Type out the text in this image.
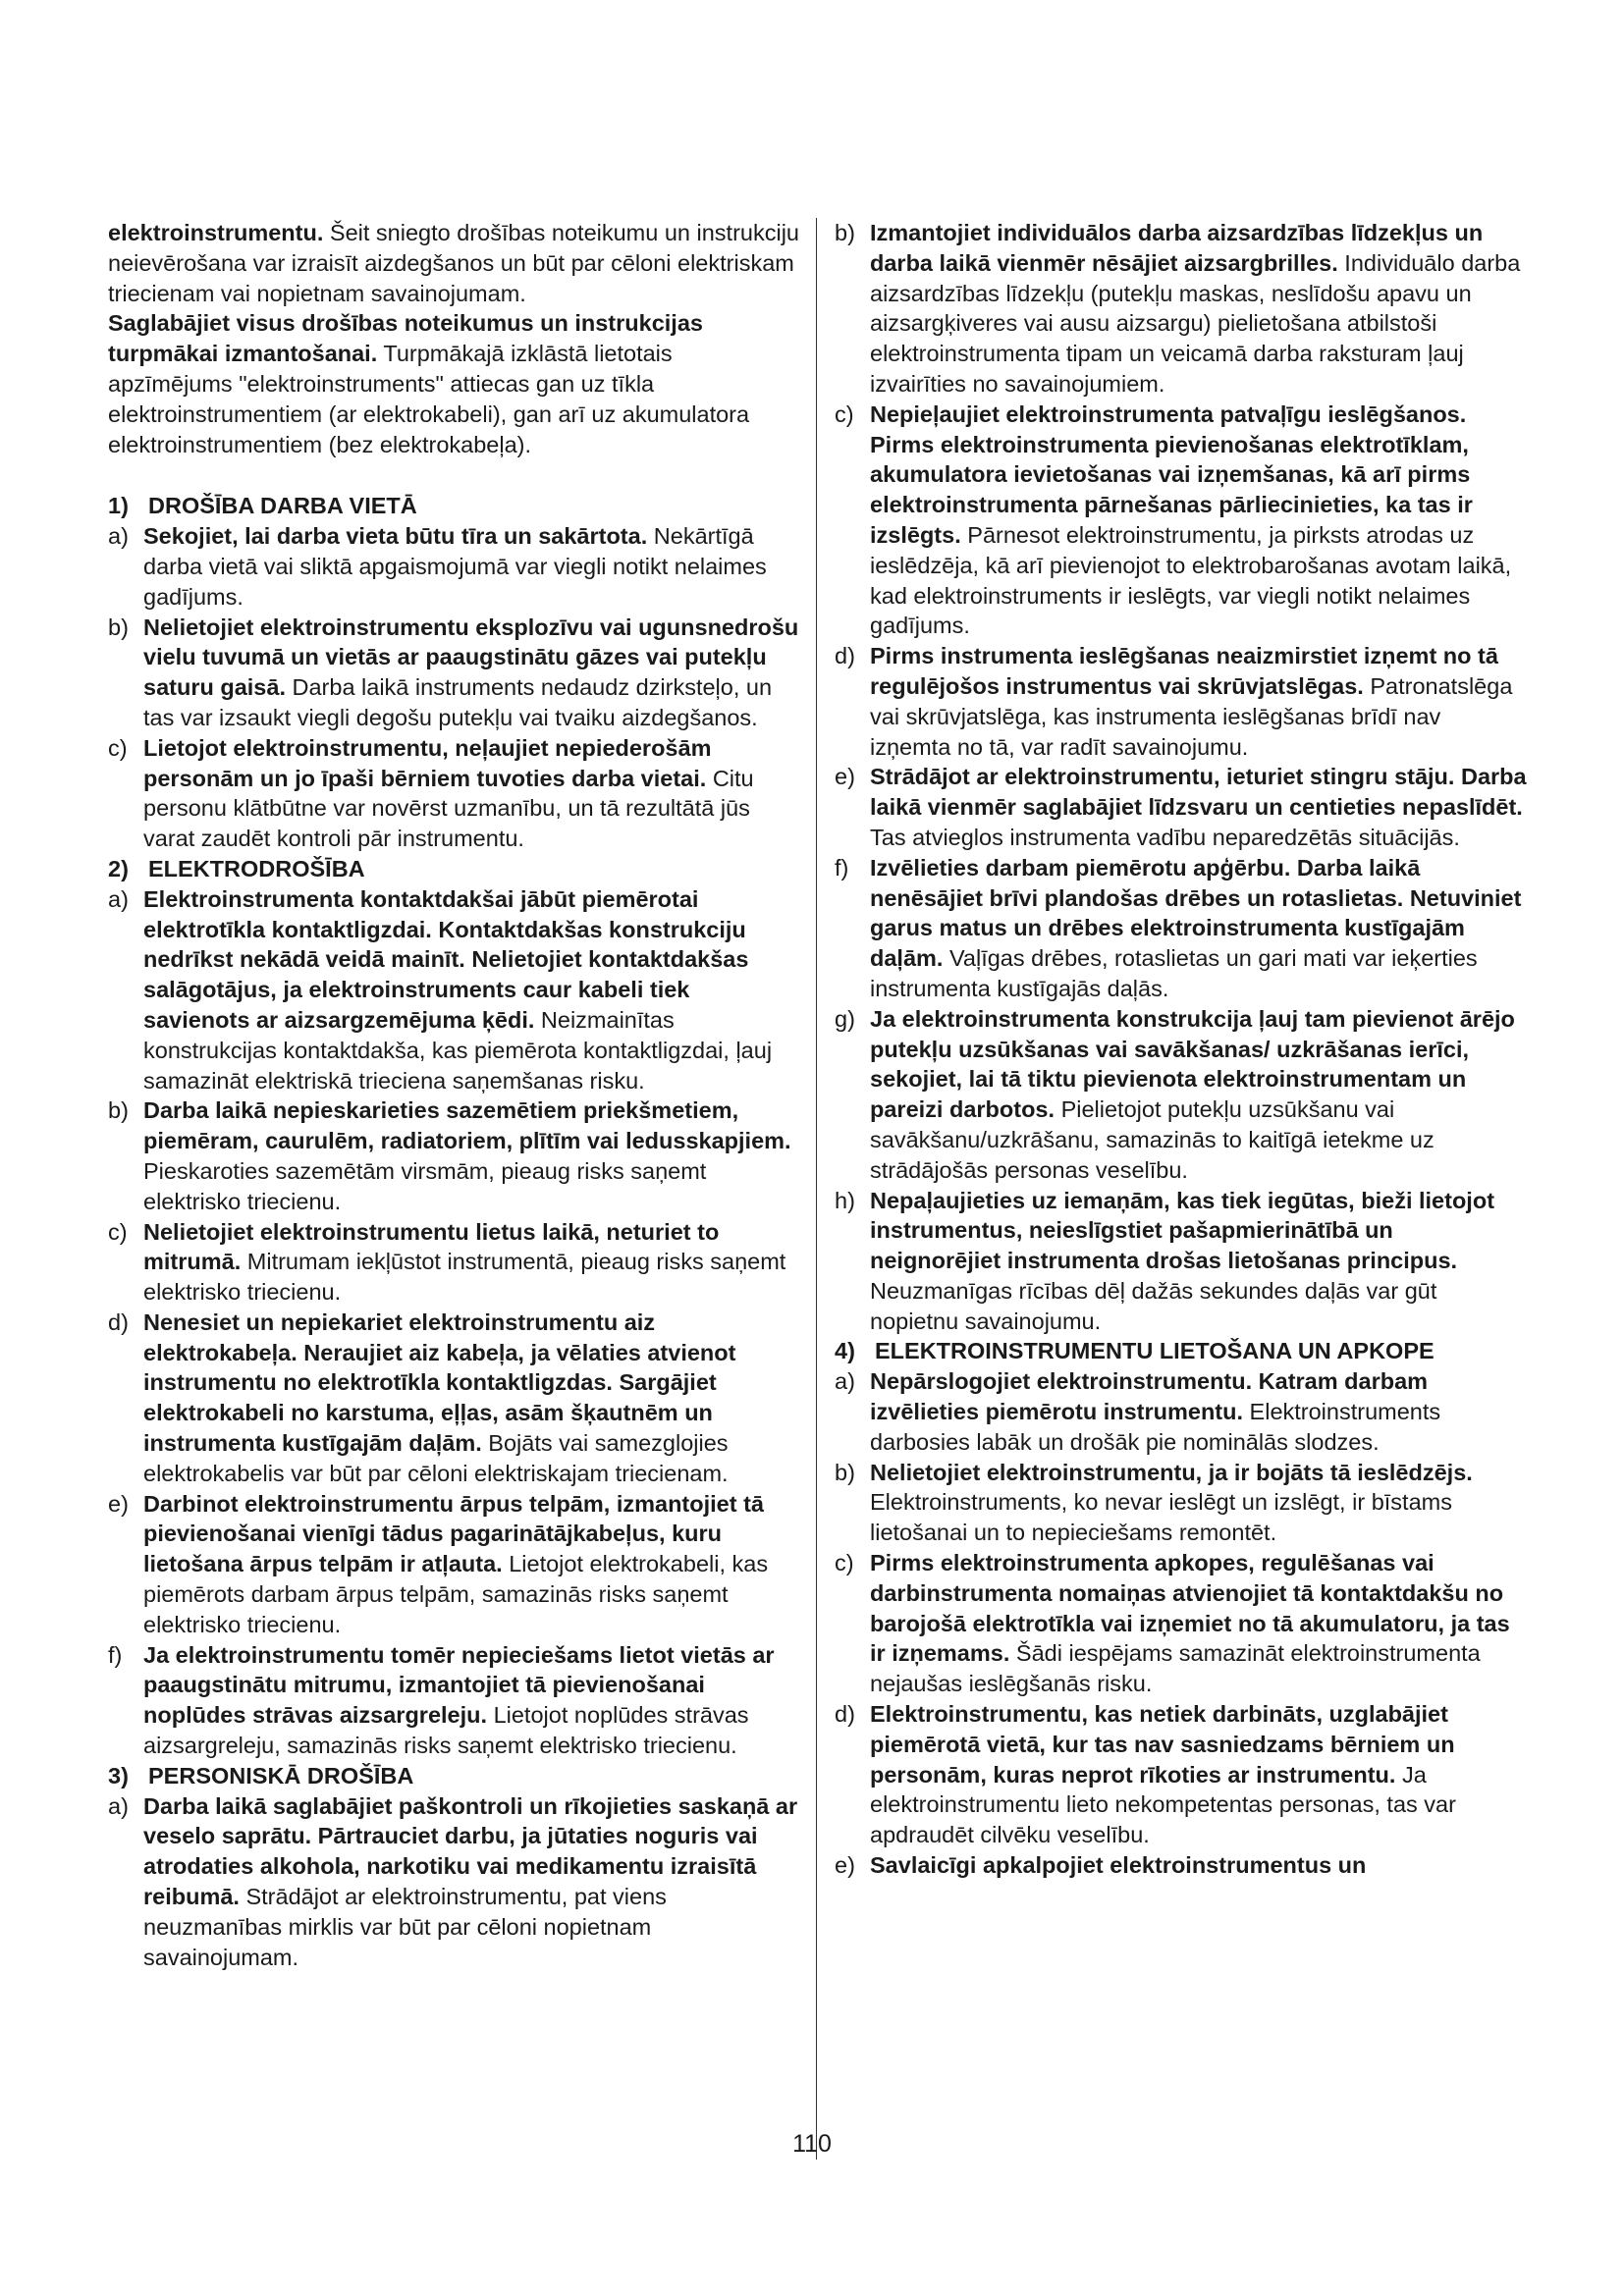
elektroinstrumentu. Šeit sniegto drošības noteikumu un instrukciju neievērošana var izraisīt aizdegšanos un būt par cēloni elektriskam triecienam vai nopietnam savainojumam.

Saglabājiet visus drošības noteikumus un instrukcijas turpmākai izmantošanai. Turpmākajā izklāstā lietotais apzīmējums "elektroinstruments" attiecas gan uz tīkla elektroinstrumentiem (ar elektrokabeli), gan arī uz akumulatora elektroinstrumentiem (bez elektrokabeļa).

1) DROŠĪBA DARBA VIETĀ
a) Sekojiet, lai darba vieta būtu tīra un sakārtota. Nekārtīgā darba vietā vai sliktā apgaismojumā var viegli notikt nelaimes gadījums.
b) Nelietojiet elektroinstrumentu eksplozīvu vai ugunsnedrošu vielu tuvumā un vietās ar paaugstinātu gāzes vai putekļu saturu gaisā. Darba laikā instruments nedaudz dzirksteļo, un tas var izsaukt viegli degošu putekļu vai tvaiku aizdegšanos.
c) Lietojot elektroinstrumentu, neļaujiet nepiederošām personām un jo īpaši bērniem tuvoties darba vietai. Citu personu klātbūtne var novērst uzmanību, un tā rezultātā jūs varat zaudēt kontroli pār instrumentu.
2) ELEKTRODROŠĪBA
a) Elektroinstrumenta kontaktdakšai jābūt piemērotai elektrotīkla kontaktligzdai. Kontaktdakšas konstrukciju nedrīkst nekādā veidā mainīt. Nelietojiet kontaktdakšas salāgotājus, ja elektroinstruments caur kabeli tiek savienots ar aizsargzemējuma ķēdi. Neizmainītas konstrukcijas kontaktdakša, kas piemērota kontaktligzdai, ļauj samazināt elektriskā trieciena saņemšanas risku.
b) Darba laikā nepieskarieties sazemētiem priekšmetiem, piemēram, caurulēm, radiatoriem, plītīm vai ledusskapjiem. Pieskaroties sazemētām virsmām, pieaug risks saņemt elektrisko triecienu.
c) Nelietojiet elektroinstrumentu lietus laikā, neturiet to mitrumā. Mitrumam iekļūstot instrumentā, pieaug risks saņemt elektrisko triecienu.
d) Nenesiet un nepiekariet elektroinstrumentu aiz elektrokabeļa. Neraujiet aiz kabeļa, ja vēlaties atvienot instrumentu no elektrotīkla kontaktligzdas. Sargājiet elektrokabeli no karstuma, eļļas, asām šķautnēm un instrumenta kustīgajām daļām. Bojāts vai samezglojies elektrokabelis var būt par cēloni elektriskajam triecienam.
e) Darbinot elektroinstrumentu ārpus telpām, izmantojiet tā pievienošanai vienīgi tādus pagarinātājkabeļus, kuru lietošana ārpus telpām ir atļauta. Lietojot elektrokabeli, kas piemērots darbam ārpus telpām, samazinās risks saņemt elektrisko triecienu.
f) Ja elektroinstrumentu tomēr nepieciešams lietot vietās ar paaugstinātu mitrumu, izmantojiet tā pievienošanai noplūdes strāvas aizsargreleju. Lietojot noplūdes strāvas aizsargreleju, samazinās risks saņemt elektrisko triecienu.
3) PERSONISKĀ DROŠĪBA
a) Darba laikā saglabājiet paškontroli un rīkojieties saskaņā ar veselo saprātu. Pārtrauciet darbu, ja jūtaties noguris vai atrodaties alkohola, narkotiku vai medikamentu izraisītā reibumā. Strādājot ar elektroinstrumentu, pat viens neuzmanības mirklis var būt par cēloni nopietnam savainojumam.
b) Izmantojiet individuālos darba aizsardzības līdzekļus un darba laikā vienmēr nēsājiet aizsargbrilles. Individuālo darba aizsardzības līdzekļu (putekļu maskas, neslīdošu apavu un aizsargķiveres vai ausu aizsargu) pielietošana atbilstoši elektroinstrumenta tipam un veicamā darba raksturam ļauj izvairīties no savainojumiem.
c) Nepieļaujiet elektroinstrumenta patvaļīgu ieslēgšanos. Pirms elektroinstrumenta pievienošanas elektrotīklam, akumulatora ievietošanas vai izņemšanas, kā arī pirms elektroinstrumenta pārnešanas pārliecinieties, ka tas ir izslēgts. Pārnesot elektroinstrumentu, ja pirksts atrodas uz ieslēdzēja, kā arī pievienojot to elektrobarošanas avotam laikā, kad elektroinstruments ir ieslēgts, var viegli notikt nelaimes gadījums.
d) Pirms instrumenta ieslēgšanas neaizmirstiet izņemt no tā regulējošos instrumentus vai skrūvjatslēgas. Patronatslēga vai skrūvjatslēga, kas instrumenta ieslēgšanas brīdī nav izņemta no tā, var radīt savainojumu.
e) Strādājot ar elektroinstrumentu, ieturiet stingru stāju. Darba laikā vienmēr saglabājiet līdzsvaru un centieties nepaslīdēt. Tas atvieglos instrumenta vadību neparedzētās situācijās.
f) Izvēlieties darbam piemērotu apģērbu. Darba laikā nenēsājiet brīvi plandošas drēbes un rotaslietas. Netuviniet garus matus un drēbes elektroinstrumenta kustīgajām daļām. Vaļīgas drēbes, rotaslietas un gari mati var ieķerties instrumenta kustīgajās daļās.
g) Ja elektroinstrumenta konstrukcija ļauj tam pievienot ārējo putekļu uzsūkšanas vai savākšanas/ uzkrāšanas ierīci, sekojiet, lai tā tiktu pievienota elektroinstrumentam un pareizi darbotos. Pielietojot putekļu uzsūkšanu vai savākšanu/uzkrāšanu, samazinās to kaitīgā ietekme uz strādājošās personas veselību.
h) Nepaļaujieties uz iemaņām, kas tiek iegūtas, bieži lietojot instrumentus, neieslīgstiet pašapmierinātībā un neignorējiet instrumenta drošas lietošanas principus. Neuzmanīgas rīcības dēļ dažās sekundes daļās var gūt nopietnu savainojumu.
4) ELEKTROINSTRUMENTU LIETOŠANA UN APKOPE
a) Nepārslogojiet elektroinstrumentu. Katram darbam izvēlieties piemērotu instrumentu. Elektroinstruments darbosies labāk un drošāk pie nominālās slodzes.
b) Nelietojiet elektroinstrumentu, ja ir bojāts tā ieslēdzējs. Elektroinstruments, ko nevar ieslēgt un izslēgt, ir bīstams lietošanai un to nepieciešams remontēt.
c) Pirms elektroinstrumenta apkopes, regulēšanas vai darbinstrumenta nomaiņas atvienojiet tā kontaktdakšu no barojošā elektrotīkla vai izņemiet no tā akumulatoru, ja tas ir izņemams. Šādi iespējams samazināt elektroinstrumenta nejaušas ieslēgšanās risku.
d) Elektroinstrumentu, kas netiek darbināts, uzglabājiet piemērotā vietā, kur tas nav sasniedzams bērniem un personām, kuras neprot rīkoties ar instrumentu. Ja elektroinstrumentu lieto nekompetentas personas, tas var apdraudēt cilvēku veselību.
e) Savlaicīgi apkalpojiet elektroinstrumentus un
110
